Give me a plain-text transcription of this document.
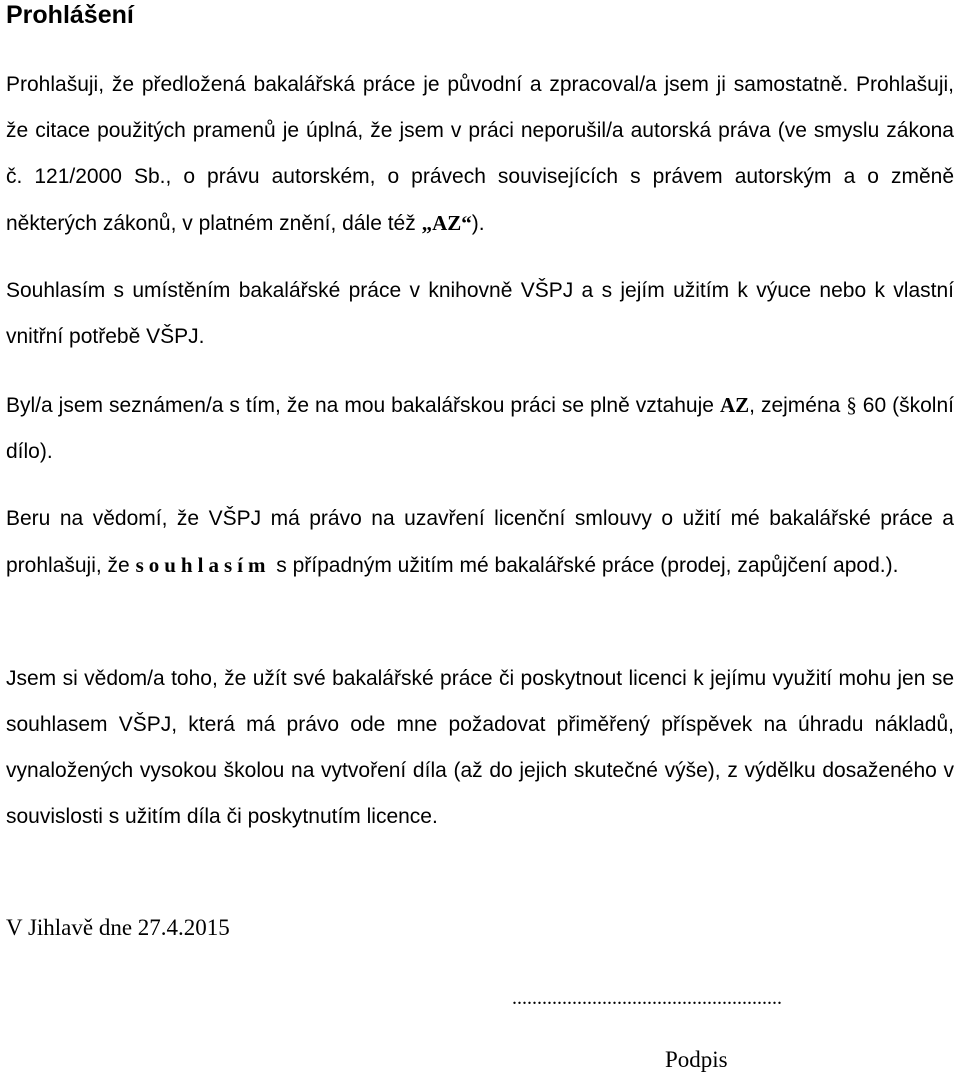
Prohlášení

Prohlašuji, že předložená bakalářská práce je původní a zpracoval/a jsem ji samostatně. Prohlašuji, že citace použitých pramenů je úplná, že jsem v práci neporušil/a autorská práva (ve smyslu zákona č. 121/2000 Sb., o právu autorském, o právech souvisejících s právem autorským a o změně některých zákonů, v platném znění, dále též „AZ“).

Souhlasím s umístěním bakalářské práce v knihovně VŠPJ a s jejím užitím k výuce nebo k vlastní vnitřní potřebě VŠPJ.

Byl/a jsem seznámen/a s tím, že na mou bakalářskou práci se plně vztahuje AZ, zejména § 60 (školní dílo).

Beru na vědomí, že VŠPJ má právo na uzavření licenční smlouvy o užití mé bakalářské práce a prohlašuji, že souhlasím s případným užitím mé bakalářské práce (prodej, zapůjčení apod.).

Jsem si vědom/a toho, že užít své bakalářské práce či poskytnout licenci k jejímu využití mohu jen se souhlasem VŠPJ, která má právo ode mne požadovat přiměřený příspěvek na úhradu nákladů, vynaložených vysokou školou na vytvoření díla (až do jejich skutečné výše), z výdělku dosaženého v souvislosti s užitím díla či poskytnutím licence.

V Jihlavě dne 27.4.2015

......................................................
Podpis
